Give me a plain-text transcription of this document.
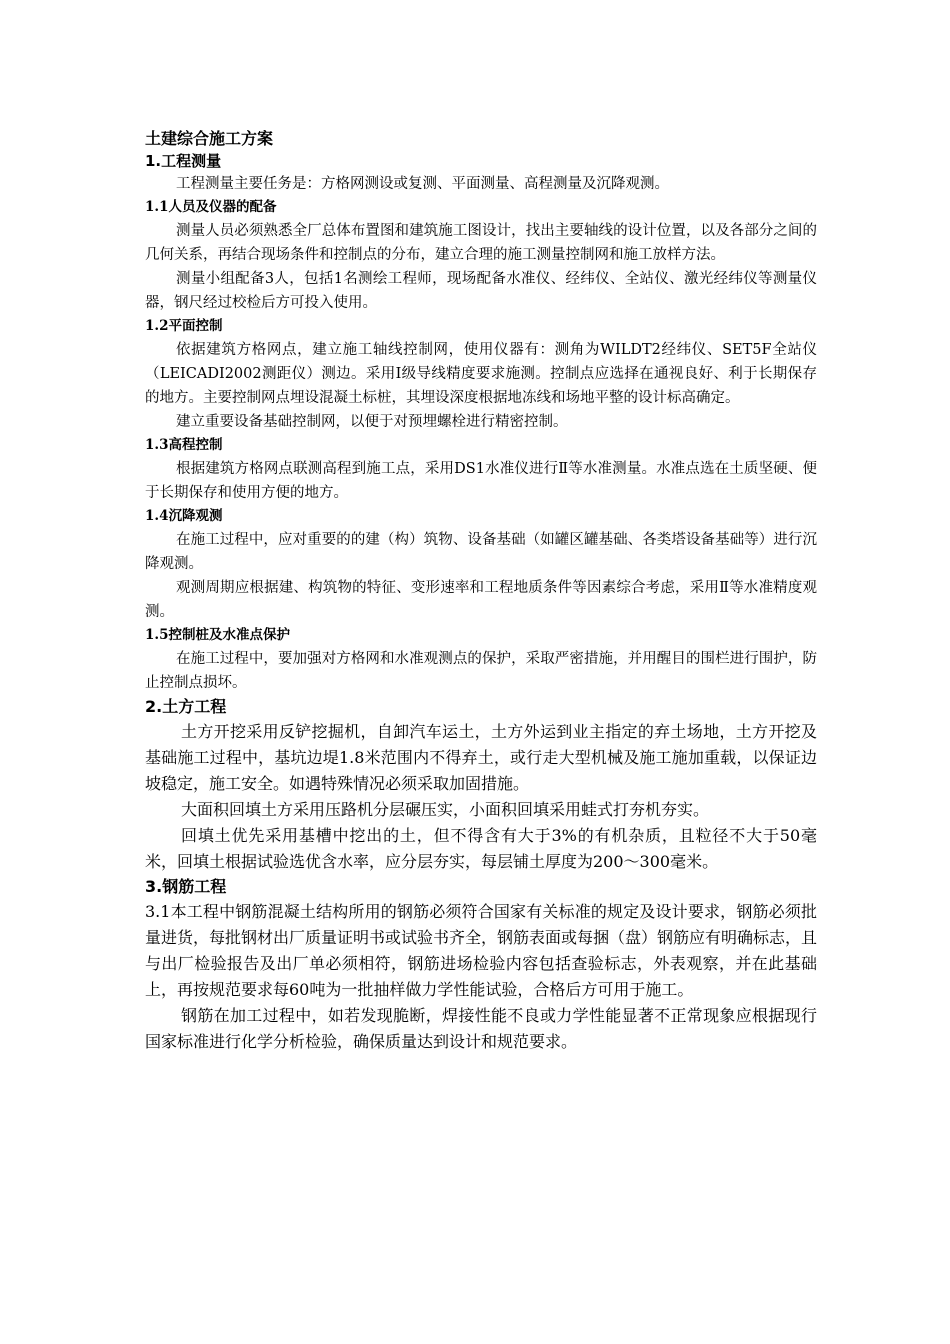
土建综合施工方案
1.工程测量

工程测量主要任务是：方格网测设或复测、平面测量、高程测量及沉降观测。

1.1人员及仪器的配备

测量人员必须熟悉全厂总体布置图和建筑施工图设计，找出主要轴线的设计位置，以及各部分之间的几何关系，再结合现场条件和控制点的分布，建立合理的施工测量控制网和施工放样方法。

测量小组配备3人，包括1名测绘工程师，现场配备水准仪、经纬仪、全站仪、激光经纬仪等测量仪器，钢尺经过校检后方可投入使用。

1.2平面控制

依据建筑方格网点，建立施工轴线控制网，使用仪器有：测角为WILDT2经纬仪、SET5F全站仪（LEICADI2002测距仪）测边。采用Ⅰ级导线精度要求施测。控制点应选择在通视良好、利于长期保存的地方。主要控制网点埋设混凝土标桩，其埋设深度根据地冻线和场地平整的设计标高确定。

建立重要设备基础控制网，以便于对预埋螺栓进行精密控制。

1.3高程控制

根据建筑方格网点联测高程到施工点，采用DS1水准仪进行Ⅱ等水准测量。水准点选在土质坚硬、便于长期保存和使用方便的地方。

1.4沉降观测

在施工过程中，应对重要的的建（构）筑物、设备基础（如罐区罐基础、各类塔设备基础等）进行沉降观测。

观测周期应根据建、构筑物的特征、变形速率和工程地质条件等因素综合考虑，采用Ⅱ等水准精度观测。

1.5控制桩及水准点保护

在施工过程中，要加强对方格网和水准观测点的保护，采取严密措施，并用醒目的围栏进行围护，防止控制点损坏。

2.土方工程

土方开挖采用反铲挖掘机，自卸汽车运土，土方外运到业主指定的弃土场地，土方开挖及基础施工过程中，基坑边堤1.8米范围内不得弃土，或行走大型机械及施工施加重载，以保证边坡稳定，施工安全。如遇特殊情况必须采取加固措施。

大面积回填土方采用压路机分层碾压实，小面积回填采用蛙式打夯机夯实。

回填土优先采用基槽中挖出的土，但不得含有大于3%的有机杂质，且粒径不大于50毫米，回填土根据试验选优含水率，应分层夯实，每层铺土厚度为200～300毫米。

3.钢筋工程

3.1本工程中钢筋混凝土结构所用的钢筋必须符合国家有关标准的规定及设计要求，钢筋必须批量进货，每批钢材出厂质量证明书或试验书齐全，钢筋表面或每捆（盘）钢筋应有明确标志，且与出厂检验报告及出厂单必须相符，钢筋进场检验内容包括查验标志，外表观察，并在此基础上，再按规范要求每60吨为一批抽样做力学性能试验，合格后方可用于施工。

钢筋在加工过程中，如若发现脆断，焊接性能不良或力学性能显著不正常现象应根据现行国家标准进行化学分析检验，确保质量达到设计和规范要求。
